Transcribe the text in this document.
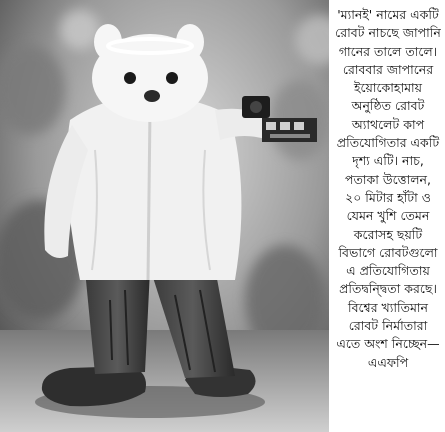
'ম্যানই' নামের একটি রোবট নাচছে জাপানি গানের তালে তালে। রোববার জাপানের ইয়োকোহামায় অনুষ্ঠিত রোবট অ্যাথলেট কাপ প্রতিযোগিতার একটি দৃশ্য এটি। নাচ, পতাকা উত্তোলন, ২০ মিটার হাঁটা ও যেমন খুশি তেমন করোসহ ছয়টি বিভাগে রোবটগুলো এ প্রতিযোগিতায় প্রতিদ্বন্দ্বিতা করছে। বিশ্বের খ্যাতিমান রোবট নির্মাতারা এতে অংশ নিচ্ছেন—এএফপি
